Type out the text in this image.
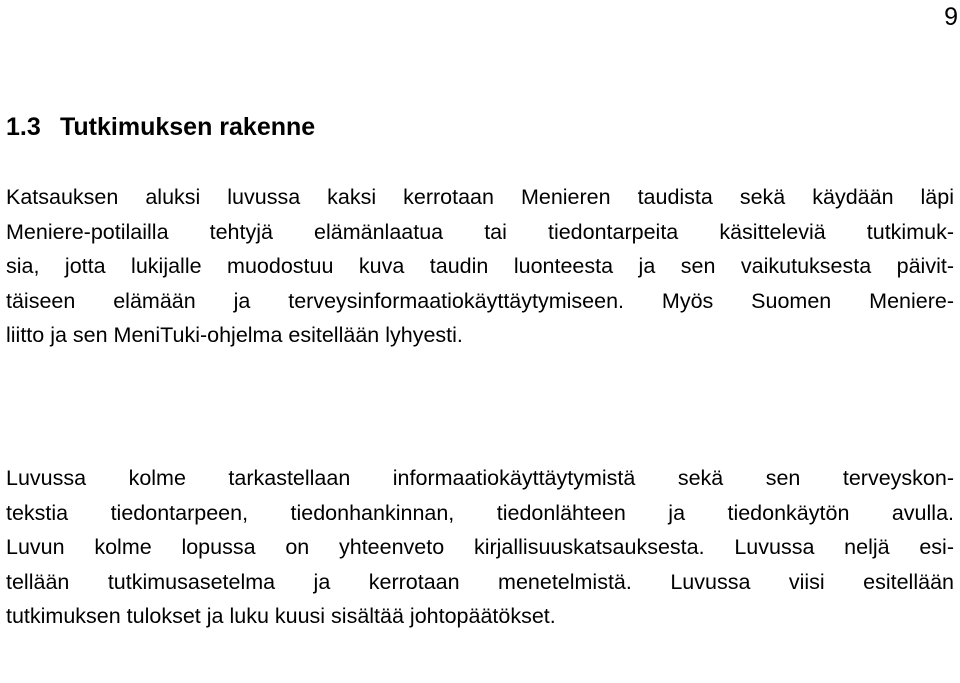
9
1.3 Tutkimuksen rakenne
Katsauksen aluksi luvussa kaksi kerrotaan Menieren taudista sekä käydään läpi
Meniere-potilailla tehtyjä elämänlaatua tai tiedontarpeita käsitteleviä tutkimuk-
sia, jotta lukijalle muodostuu kuva taudin luonteesta ja sen vaikutuksesta päivit-
täiseen elämään ja terveysinformaatiokäyttäytymiseen. Myös Suomen Meniere-
liitto ja sen MeniTuki-ohjelma esitellään lyhyesti.
Luvussa kolme tarkastellaan informaatiokäyttäytymistä sekä sen terveyskon-
tekstia tiedontarpeen, tiedonhankinnan, tiedonlähteen ja tiedonkäytön avulla.
Luvun kolme lopussa on yhteenveto kirjallisuuskatsauksesta. Luvussa neljä esi-
tellään tutkimusasetelma ja kerrotaan menetelmistä. Luvussa viisi esitellään
tutkimuksen tulokset ja luku kuusi sisältää johtopäätökset.
